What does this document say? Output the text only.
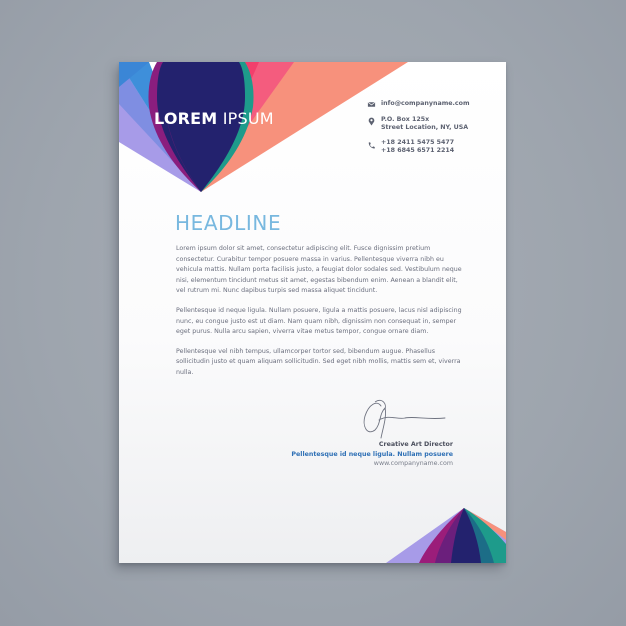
LOREM IPSUM
info@companyname.com
P.O. Box 125x
Street Location, NY, USA
+18 2411 5475 5477
+18 6845 6571 2214
HEADLINE

Lorem ipsum dolor sit amet, consectetur adipiscing elit. Fusce dignissim pretium consectetur. Curabitur tempor posuere massa in varius. Pellentesque viverra nibh eu vehicula mattis. Nullam porta facilisis justo, a feugiat dolor sodales sed. Vestibulum neque nisi, elementum tincidunt metus sit amet, egestas bibendum enim. Aenean a blandit elit, vel rutrum mi. Nunc dapibus turpis sed massa aliquet tincidunt.

Pellentesque id neque ligula. Nullam posuere, ligula a mattis posuere, lacus nisl adipiscing nunc, eu congue justo est ut diam. Nam quam nibh, dignissim non consequat in, semper eget purus. Nulla arcu sapien, viverra vitae metus tempor, congue ornare diam.

Pellentesque vel nibh tempus, ullamcorper tortor sed, bibendum augue. Phasellus sollicitudin justo et quam aliquam sollicitudin. Sed eget nibh mollis, mattis sem et, viverra nulla.

Creative Art Director
Pellentesque id neque ligula. Nullam posuere
www.companyname.com
